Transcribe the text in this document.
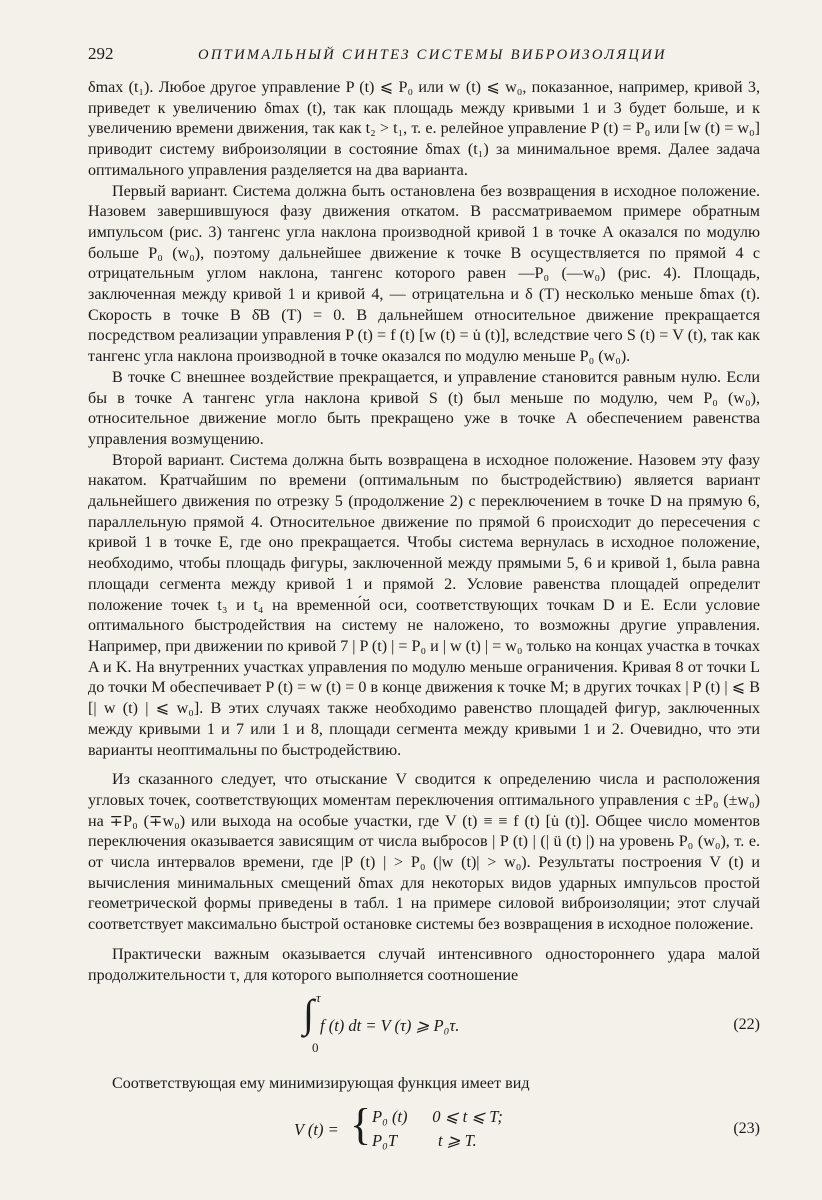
292	ОПТИМАЛЬНЫЙ СИНТЕЗ СИСТЕМЫ ВИБРОИЗОЛЯЦИИ

δmax (t₁). Любое другое управление P (t) ⩽ P₀ или w (t) ⩽ w₀, показанное, например, кривой 3, приведет к увеличению δmax (t), так как площадь между кривыми 1 и 3 будет больше, и к увеличению времени движения, так как t₂ > t₁, т. е. релейное управление P (t) = P₀ или [w (t) = w₀] приводит систему виброизоляции в состояние δmax (t₁) за минимальное время. Далее задача оптимального управления разделяется на два варианта.

Первый вариант. Система должна быть остановлена без возвращения в исходное положение. Назовем завершившуюся фазу движения откатом. В рассматриваемом примере обратным импульсом (рис. 3) тангенс угла наклона производной кривой 1 в точке A оказался по модулю больше P₀ (w₀), поэтому дальнейшее движение к точке B осуществляется по прямой 4 с отрицательным углом наклона, тангенс которого равен —P₀ (—w₀) (рис. 4). Площадь, заключенная между кривой 1 и кривой 4, — отрицательна и δ (T) несколько меньше δmax (t). Скорость в точке B δ̇B (T) = 0. В дальнейшем относительное движение прекращается посредством реализации управления P (t) = f (t) [w (t) = u̇ (t)], вследствие чего S (t) = V (t), так как тангенс угла наклона производной в точке оказался по модулю меньше P₀ (w₀).

В точке C внешнее воздействие прекращается, и управление становится равным нулю. Если бы в точке A тангенс угла наклона кривой S (t) был меньше по модулю, чем P₀ (w₀), относительное движение могло быть прекращено уже в точке A обеспечением равенства управления возмущению.

Второй вариант. Система должна быть возвращена в исходное положение. Назовем эту фазу накатом. Кратчайшим по времени (оптимальным по быстродействию) является вариант дальнейшего движения по отрезку 5 (продолжение 2) с переключением в точке D на прямую 6, параллельную прямой 4. Относительное движение по прямой 6 происходит до пересечения с кривой 1 в точке E, где оно прекращается. Чтобы система вернулась в исходное положение, необходимо, чтобы площадь фигуры, заключенной между прямыми 5, 6 и кривой 1, была равна площади сегмента между кривой 1 и прямой 2. Условие равенства площадей определит положение точек t₃ и t₄ на временно́й оси, соответствующих точкам D и E. Если условие оптимального быстродействия на систему не наложено, то возможны другие управления. Например, при движении по кривой 7 | P (t) | = P₀ и | w (t) | = w₀ только на концах участка в точках A и K. На внутренних участках управления по модулю меньше ограничения. Кривая 8 от точки L до точки M обеспечивает P (t) = w (t) = 0 в конце движения к точке M; в других точках | P (t) | ⩽ B [| w (t) | ⩽ w₀]. В этих случаях также необходимо равенство площадей фигур, заключенных между кривыми 1 и 7 или 1 и 8, площади сегмента между кривыми 1 и 2. Очевидно, что эти варианты неоптимальны по быстродействию.

Из сказанного следует, что отыскание V сводится к определению числа и расположения угловых точек, соответствующих моментам переключения оптимального управления с ±P₀ (±w₀) на ∓P₀ (∓w₀) или выхода на особые участки, где V (t) ≡ ≡ f (t) [u̇ (t)]. Общее число моментов переключения оказывается зависящим от числа выбросов | P (t) | (| ü (t) |) на уровень P₀ (w₀), т. е. от числа интервалов времени, где |P (t) | > P₀ (|w (t)| > w₀). Результаты построения V (t) и вычисления минимальных смещений δmax для некоторых видов ударных импульсов простой геометрической формы приведены в табл. 1 на примере силовой виброизоляции; этот случай соответствует максимально быстрой остановке системы без возвращения в исходное положение.

Практически важным оказывается случай интенсивного одностороннего удара малой продолжительности τ, для которого выполняется соотношение

∫ τ
0
f (t) dt = V (τ) ⩾ P₀τ.	(22)

Соответствующая ему минимизирующая функция имеет вид

V (t) = { P₀ (t)      0 ⩽ t ⩽ T;
P₀T          t ⩾ T.
(23)
